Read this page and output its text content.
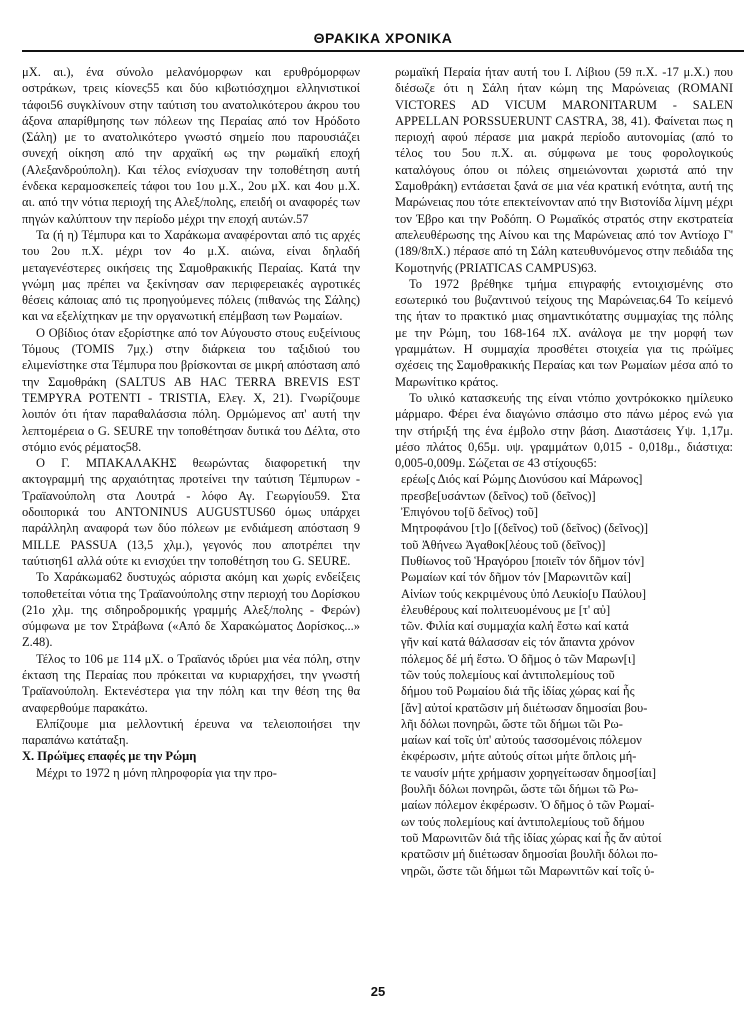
ΘΡΑΚΙΚΑ ΧΡΟΝΙΚΑ

μΧ. αι.), ένα σύνολο μελανόμορφων και ερυθρόμορφων οστράκων, τρεις κίονες55 και δύο κιβωτιόσχημοι ελληνιστικοί τάφοι56 συγκλίνουν στην ταύτιση του ανατολικότερου άκρου του άξονα απαρίθμησης των πόλεων της Περαίας από τον Ηρόδοτο (Σάλη) με το ανατολικότερο γνωστό σημείο που παρουσιάζει συνεχή οίκηση από την αρχαϊκή ως την ρωμαϊκή εποχή (Αλεξανδρούπολη). Και τέλος ενίσχυσαν την τοποθέτηση αυτή ένδεκα κεραμοσκεπείς τάφοι του 1ου μ.Χ., 2ου μΧ. και 4ου μ.Χ. αι. από την νότια περιοχή της Αλεξ/πολης, επειδή οι αναφορές των πηγών καλύπτουν την περίοδο μέχρι την εποχή αυτών.57

Τα (ή η) Τέμπυρα και το Χαράκωμα αναφέρονται από τις αρχές του 2ου π.Χ. μέχρι τον 4ο μ.Χ. αιώνα, είναι δηλαδή μεταγενέστερες οικήσεις της Σαμοθρακικής Περαίας. Κατά την γνώμη μας πρέπει να ξεκίνησαν σαν περιφερειακές αγροτικές θέσεις κάποιας από τις προηγούμενες πόλεις (πιθανώς της Σάλης) και να εξελίχτηκαν με την οργανωτική επέμβαση των Ρωμαίων.

Ο Οβίδιος όταν εξορίστηκε από τον Αύγουστο στους ευξείνιους Τόμους (TOMIS 7μχ.) στην διάρκεια του ταξιδιού του ελιμενίστηκε στα Τέμπυρα που βρίσκονται σε μικρή απόσταση από την Σαμοθράκη (SALTUS AB HAC TERRA BREVIS EST TEMPYRA POTENTI - TRISTIA, Ελεγ. X, 21). Γνωρίζουμε λοιπόν ότι ήταν παραθαλάσσια πόλη. Ορμώμενος απ' αυτή την λεπτομέρεια ο G. SEURE την τοποθέτησαν δυτικά του Δέλτα, στο στόμιο ενός ρέματος58.

Ο Γ. ΜΠΑΚΑΛΑΚΗΣ θεωρώντας διαφορετική την ακτογραμμή της αρχαιότητας προτείνει την ταύτιση Τέμπυρων - Τραϊανούπολη στα Λουτρά - λόφο Αγ. Γεωργίου59. Στα οδοιπορικά του ANTONINUS AUGUSTUS60 όμως υπάρχει παράλληλη αναφορά των δύο πόλεων με ενδιάμεση απόσταση 9 MILLE PASSUA (13,5 χλμ.), γεγονός που αποτρέπει την ταύτιση61 αλλά ούτε κι ενισχύει την τοποθέτηση του G. SEURE.

Το Χαράκωμα62 δυστυχώς αόριστα ακόμη και χωρίς ενδείξεις τοποθετείται νότια της Τραϊανούπολης στην περιοχή του Δορίσκου (21ο χλμ. της σιδηροδρομικής γραμμής Αλεξ/πολης - Φερών) σύμφωνα με τον Στράβωνα («Από δε Χαρακώματος Δορίσκος...» Ζ.48).

Τέλος το 106 με 114 μΧ. ο Τραϊανός ιδρύει μια νέα πόλη, στην έκταση της Περαίας που πρόκειται να κυριαρχήσει, την γνωστή Τραϊανούπολη. Εκτενέστερα για την πόλη και την θέση της θα αναφερθούμε παρακάτω.

Ελπίζουμε μια μελλοντική έρευνα να τελειοποιήσει την παραπάνω κατάταξη.

Χ. Πρώϊμες επαφές με την Ρώμη

Μέχρι το 1972 η μόνη πληροφορία για την προ-

ρωμαϊκή Περαία ήταν αυτή του Ι. Λίβιου (59 π.Χ. -17 μ.Χ.) που διέσωζε ότι η Σάλη ήταν κώμη της Μαρώνειας (ROMANI VICTORES AD VICUM MARONITARUM - SALEN APPELLAN PORSSUERUNT CASTRA, 38, 41). Φαίνεται πως η περιοχή αφού πέρασε μια μακρά περίοδο αυτονομίας (από το τέλος του 5ου π.Χ. αι. σύμφωνα με τους φορολογικούς καταλόγους όπου οι πόλεις σημειώνονται χωριστά από την Σαμοθράκη) εντάσεται ξανά σε μια νέα κρατική ενότητα, αυτή της Μαρώνειας που τότε επεκτείνονταν από την Βιστονίδα λίμνη μέχρι τον Έβρο και την Ροδόπη. Ο Ρωμαϊκός στρατός στην εκστρατεία απελευθέρωσης της Αίνου και της Μαρώνειας από τον Αντίοχο Γ' (189/8πΧ.) πέρασε από τη Σάλη κατευθυνόμενος στην πεδιάδα της Κομοτηνής (PRIATICAS CAMPUS)63.

Το 1972 βρέθηκε τμήμα επιγραφής εντοιχισμένης στο εσωτερικό του βυζαντινού τείχους της Μαρώνειας.64 Το κείμενό της ήταν το πρακτικό μιας σημαντικότατης συμμαχίας της πόλης με την Ρώμη, του 168-164 πΧ. ανάλογα με την μορφή των γραμμάτων. Η συμμαχία προσθέτει στοιχεία για τις πρώϊμες σχέσεις της Σαμοθρακικής Περαίας και των Ρωμαίων μέσα από το Μαρωνίτικο κράτος.

Το υλικό κατασκευής της είναι ντόπιο χοντρόκοκκο ημίλευκο μάρμαρο. Φέρει ένα διαγώνιο σπάσιμο στο πάνω μέρος ενώ για την στήριξή της ένα έμβολο στην βάση. Διαστάσεις Υψ. 1,17μ. μέσο πλάτος 0,65μ. υψ. γραμμάτων 0,015 - 0,018μ., διάστιχα: 0,005-0,009μ. Σώζεται σε 43 στίχους65:

ερέω[ς Διός καί Ρώμης Διονύσου καί Μάρωνος]
πρεσβε[υσάντων (δεῖνος) τοῦ (δεῖνος)]
Ἐπιγόνου το[ῦ δεῖνος) τοῦ]
Μητροφάνου [τ]ο [(δεῖνος) τοῦ (δεῖνος) (δεῖνος)]
τοῦ Ἀθήνεω Ἀγαθοκ[λέους τοῦ (δεῖνος)]
Πυθίωνος τοῦ Ἡραγόρου [ποιεῖν τόν δῆμον τόν]
Ρωμαίων καί τόν δῆμον τόν [Μαρωνιτῶν καί]
Αἰνίων τούς κεκριμένους ὑπό Λευκίο[υ Παύλου]
ἐλευθέρους καί πολιτευομένους με [τ' αὐ]
τῶν. Φιλία καί συμμαχία καλή ἔστω καί κατά
γῆν καί κατά θάλασσαν εἰς τόν ἅπαντα χρόνον
πόλεμος δέ μή ἔστω. Ὁ δῆμος ὁ τῶν Μαρων[ι]
τῶν τούς πολεμίους καί ἀντιπολεμίους τοῦ
δήμου τοῦ Ρωμαίου διά τῆς ἰδίας χώρας καί ἧς
[ἄν] αὐτοί κρατῶσιν μή διιέτωσαν δημοσίαι βου-
λῆι δόλωι πονηρῶι, ὥστε τῶι δήμωι τῶι Ρω-
μαίων καί τοῖς ὑπ' αὐτούς τασσομένοις πόλεμον
ἐκφέρωσιν, μήτε αὐτούς σίτωι μήτε ὅπλοις μή-
τε ναυσίν μήτε χρήμασιν χορηγείτωσαν δημοσ[ίαι]
βουλῆι δόλωι πονηρῶι, ὥστε τῶι δήμωι τῶ Ρω-
μαίων πόλεμον ἐκφέρωσιν. Ὁ δῆμος ὁ τῶν Ρωμαί-
ων τούς πολεμίους καί ἀντιπολεμίους τοῦ δήμου
τοῦ Μαρωνιτῶν διά τῆς ἰδίας χώρας καί ἧς ἄν αὐτοί
κρατῶσιν μή διιέτωσαν δημοσίαι βουλῆι δόλωι πο-
νηρῶι, ὥστε τῶι δήμωι τῶι Μαρωνιτῶν καί τοῖς ὑ-
25
